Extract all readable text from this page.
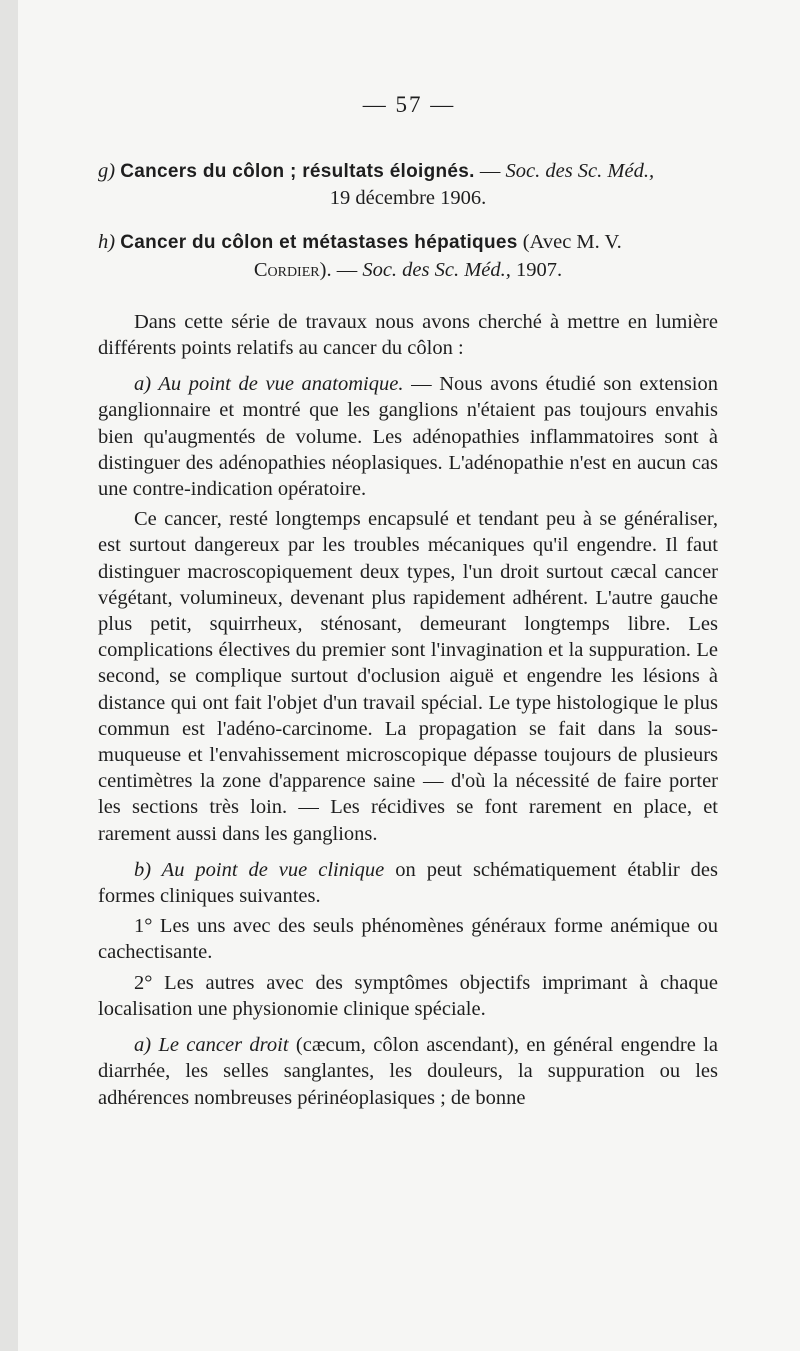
— 57 —
g) Cancers du côlon ; résultats éloignés. — Soc. des Sc. Méd.,
19 décembre 1906.
h) Cancer du côlon et métastases hépatiques (Avec M. V.
Cordier). — Soc. des Sc. Méd., 1907.

Dans cette série de travaux nous avons cherché à mettre en lumière différents points relatifs au cancer du côlon :

a) Au point de vue anatomique. — Nous avons étudié son extension ganglionnaire et montré que les ganglions n'étaient pas toujours envahis bien qu'augmentés de volume. Les adénopathies inflammatoires sont à distinguer des adénopathies néoplasiques. L'adénopathie n'est en aucun cas une contre-indication opératoire.

Ce cancer, resté longtemps encapsulé et tendant peu à se généraliser, est surtout dangereux par les troubles mécaniques qu'il engendre. Il faut distinguer macroscopiquement deux types, l'un droit surtout cæcal cancer végétant, volumineux, devenant plus rapidement adhérent. L'autre gauche plus petit, squirrheux, sténosant, demeurant longtemps libre. Les complications électives du premier sont l'invagination et la suppuration. Le second, se complique surtout d'oclusion aiguë et engendre les lésions à distance qui ont fait l'objet d'un travail spécial. Le type histologique le plus commun est l'adéno-carcinome. La propagation se fait dans la sous-muqueuse et l'envahissement microscopique dépasse toujours de plusieurs centimètres la zone d'apparence saine — d'où la nécessité de faire porter les sections très loin. — Les récidives se font rarement en place, et rarement aussi dans les ganglions.

b) Au point de vue clinique on peut schématiquement établir des formes cliniques suivantes.

1° Les uns avec des seuls phénomènes généraux forme anémique ou cachectisante.

2° Les autres avec des symptômes objectifs imprimant à chaque localisation une physionomie clinique spéciale.

a) Le cancer droit (cæcum, côlon ascendant), en général engendre la diarrhée, les selles sanglantes, les douleurs, la suppuration ou les adhérences nombreuses périnéoplasiques ; de bonne
